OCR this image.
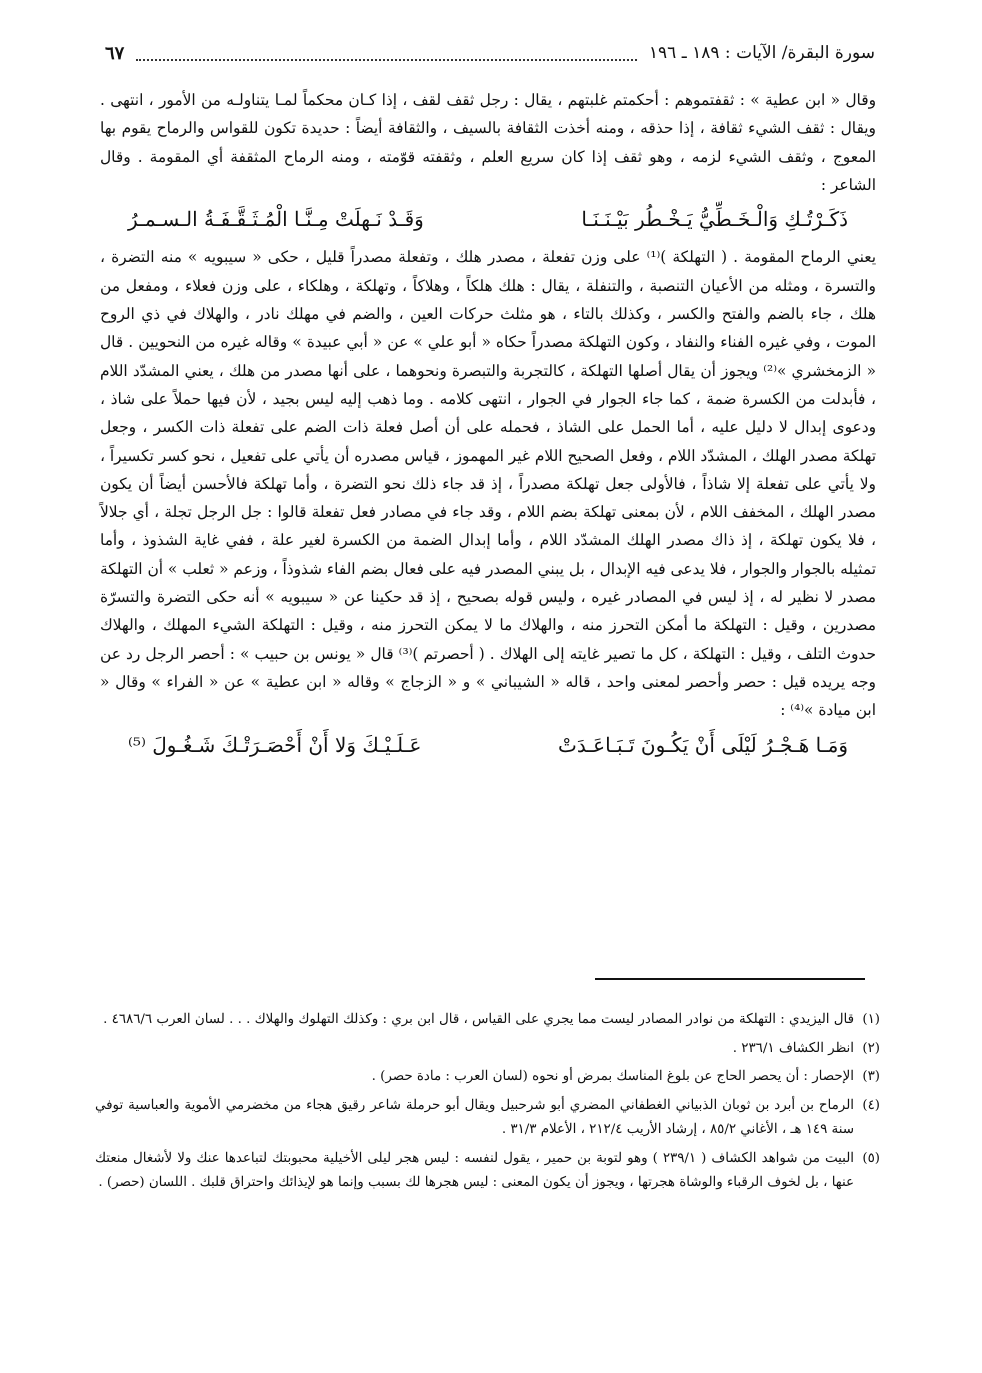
سورة البقرة/ الآيات : ١٨٩ ـ ١٩٦
٦٧

وقال « ابن عطية » : ثقفتموهم : أحكمتم غلبتهم ، يقال : رجل ثقف لقف ، إذا كـان محكماً لمـا يتناولـه من الأمور ، انتهى . ويقال : ثقف الشيء ثقافة ، إذا حذقه ، ومنه أخذت الثقافة بالسيف ، والثقافة أيضاً : حديدة تكون للقواس والرماح يقوم بها المعوج ، وثقف الشيء لزمه ، وهو ثقف إذا كان سريع العلم ، وثقفته قوّمته ، ومنه الرماح المثقفة أي المقومة . وقال الشاعر :

ذَكَـرْتُـكِ وَالْـخَـطِّيُّ يَـخْـطُر بَيْـنَـنَـا
وَقَـدْ نَـهلَتْ مِـنَّـا الْمُـثَـقَّـفَـةُ الـسـمـرُ

يعني الرماح المقومة . ( التهلكة )⁽¹⁾ على وزن تفعلة ، مصدر هلك ، وتفعلة مصدراً قليل ، حكى « سيبويه » منه التضرة ، والتسرة ، ومثله من الأعيان التنصبة ، والتنفلة ، يقال : هلك هلكاً ، وهلاكاً ، وتهلكة ، وهلكاء ، على وزن فعلاء ، ومفعل من هلك ، جاء بالضم والفتح والكسر ، وكذلك بالتاء ، هو مثلث حركات العين ، والضم في مهلك نادر ، والهلاك في ذي الروح الموت ، وفي غيره الفناء والنفاد ، وكون التهلكة مصدراً حكاه « أبو علي » عن « أبي عبيدة » وقاله غيره من النحويين . قال « الزمخشري »⁽²⁾ ويجوز أن يقال أصلها التهلكة ، كالتجربة والتبصرة ونحوهما ، على أنها مصدر من هلك ، يعني المشدّد اللام ، فأبدلت من الكسرة ضمة ، كما جاء الجوار في الجوار ، انتهى كلامه . وما ذهب إليه ليس بجيد ، لأن فيها حملاً على شاذ ، ودعوى إبدال لا دليل عليه ، أما الحمل على الشاذ ، فحمله على أن أصل فعلة ذات الضم على تفعلة ذات الكسر ، وجعل تهلكة مصدر الهلك ، المشدّد اللام ، وفعل الصحيح اللام غير المهموز ، قياس مصدره أن يأتي على تفعيل ، نحو كسر تكسيراً ، ولا يأتي على تفعلة إلا شاذاً ، فالأولى جعل تهلكة مصدراً ، إذ قد جاء ذلك نحو التضرة ، وأما تهلكة فالأحسن أيضاً أن يكون مصدر الهلك ، المخفف اللام ، لأن بمعنى تهلكة بضم اللام ، وقد جاء في مصادر فعل تفعلة قالوا : جل الرجل تجلة ، أي جلالاً ، فلا يكون تهلكة ، إذ ذاك مصدر الهلك المشدّد اللام ، وأما إبدال الضمة من الكسرة لغير علة ، ففي غاية الشذوذ ، وأما تمثيله بالجوار والجوار ، فلا يدعى فيه الإبدال ، بل يبني المصدر فيه على فعال بضم الفاء شذوذاً ، وزعم « ثعلب » أن التهلكة مصدر لا نظير له ، إذ ليس في المصادر غيره ، وليس قوله بصحيح ، إذ قد حكينا عن « سيبويه » أنه حكى التضرة والتسرّة مصدرين ، وقيل : التهلكة ما أمكن التحرز منه ، والهلاك ما لا يمكن التحرز منه ، وقيل : التهلكة الشيء المهلك ، والهلاك حدوث التلف ، وقيل : التهلكة ، كل ما تصير غايته إلى الهلاك . ( أحصرتم )⁽³⁾ قال « يونس بن حبيب » : أحصر الرجل رد عن وجه يريده قيل : حصر وأحصر لمعنى واحد ، قاله « الشيباني » و « الزجاج » وقاله « ابن عطية » عن « الفراء » وقال « ابن ميادة »⁽⁴⁾ :

وَمَـا هَـجْـرُ لَيْلَى أَنْ يَكُـونَ تَـبَـاعَـدَتْ
عَـلَـيْـكَ وَلا أَنْ أَحْصَـرَتْـكَ شَـغُـولَ ⁽⁵⁾
(١)
قال اليزيدي : التهلكة من نوادر المصادر ليست مما يجري على القياس ، قال ابن بري : وكذلك التهلوك والهلاك . . . لسان العرب ٤٦٨٦/٦ .
(٢)
انظر الكشاف ٢٣٦/١ .
(٣)
الإحصار : أن يحصر الحاج عن بلوغ المناسك بمرض أو نحوه (لسان العرب : مادة حصر) .
(٤)
الرماح بن أبرد بن ثوبان الذبياني الغطفاني المضري أبو شرحبيل ويقال أبو حرملة شاعر رقيق هجاء من مخضرمي الأموية والعباسية توفي سنة ١٤٩ هـ ، الأغاني ٨٥/٢ ، إرشاد الأريب ٢١٢/٤ ، الأعلام ٣١/٣ .
(٥)
البيت من شواهد الكشاف ( ٢٣٩/١ ) وهو لتوبة بن حمير ، يقول لنفسه : ليس هجر ليلى الأخيلية محبوبتك لتباعدها عنك ولا لأشغال منعتك عنها ، بل لخوف الرقباء والوشاة هجرتها ، ويجوز أن يكون المعنى : ليس هجرها لك بسبب وإنما هو لإيذائك واحتراق قلبك . اللسان (حصر) .
